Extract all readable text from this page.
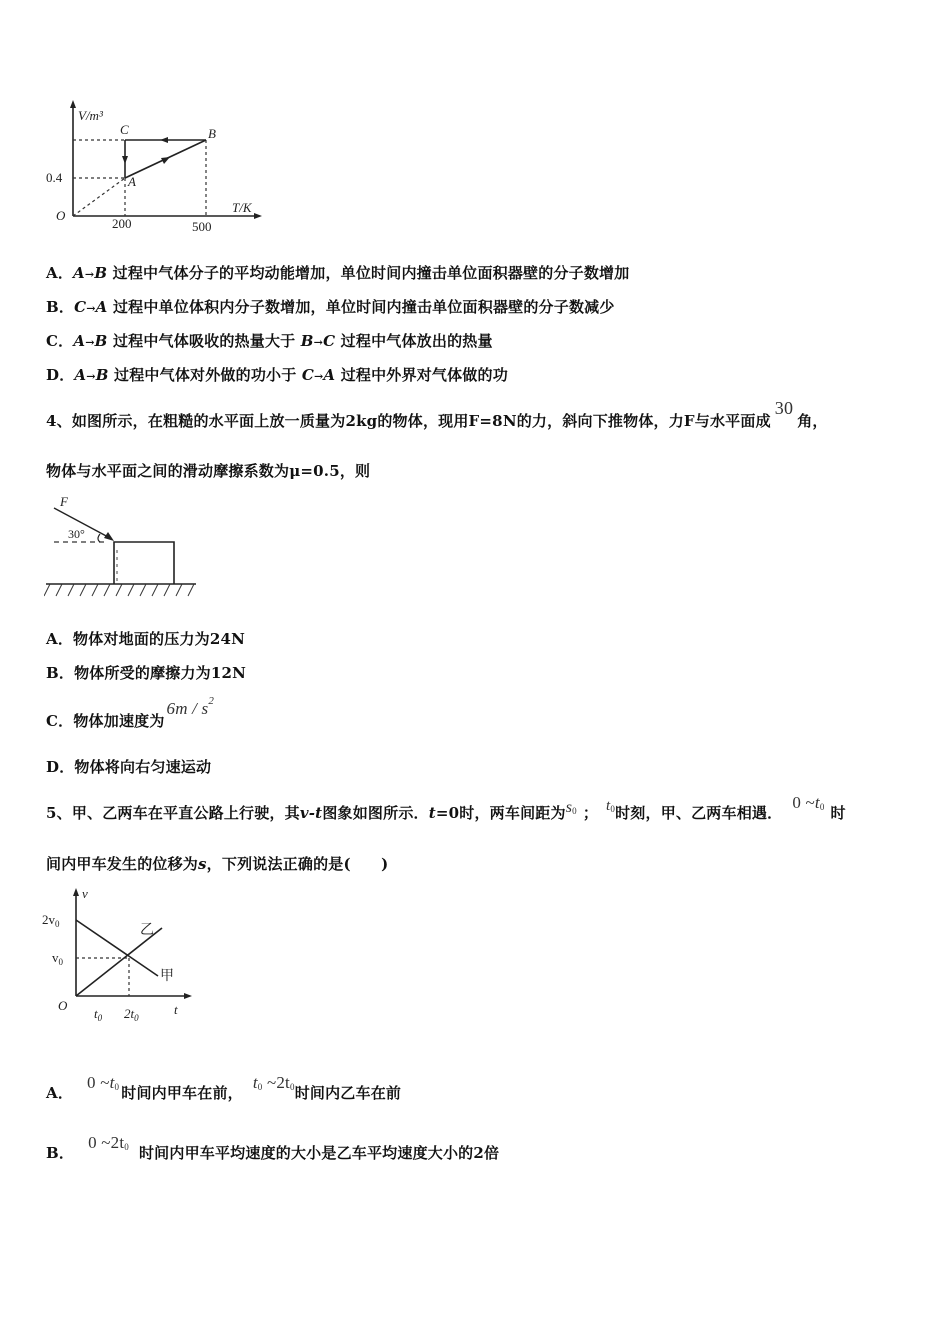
V/m³
T/K
0.4
200	500
O
A
B
C
A．A→B 过程中气体分子的平均动能增加，单位时间内撞击单位面积器壁的分子数增加
B．C→A 过程中单位体积内分子数增加，单位时间内撞击单位面积器壁的分子数减少
C．A→B 过程中气体吸收的热量大于 B→C 过程中气体放出的热量
D．A→B 过程中气体对外做的功小于 C→A 过程中外界对气体做的功
4、如图所示，在粗糙的水平面上放一质量为2kg的物体，现用F=8N的力，斜向下推物体，力F与水平面成30角，
物体与水平面之间的滑动摩擦系数为μ=0.5，则
F
30°
A．物体对地面的压力为24N
B．物体所受的摩擦力为12N
C．物体加速度为$6m / s^2$
D．物体将向右匀速运动
5、甲、乙两车在平直公路上行驶，其v-t图象如图所示．t=0时，两车间距为$s^0$ ； $t^0$时刻，甲、乙两车相遇．0 $\sim t^0$ 时
间内甲车发生的位移为s，下列说法正确的是(　　)
v
$2v_0$
$v_0$
O
$t_0$ $2t_0$
t
乙
甲
A．0 $\sim t^0$ 时间内甲车在前，$t^0$ $\sim 2t^0$时间内乙车在前
B．0 $\sim 2t^0$ 时间内甲车平均速度的大小是乙车平均速度大小的2倍
